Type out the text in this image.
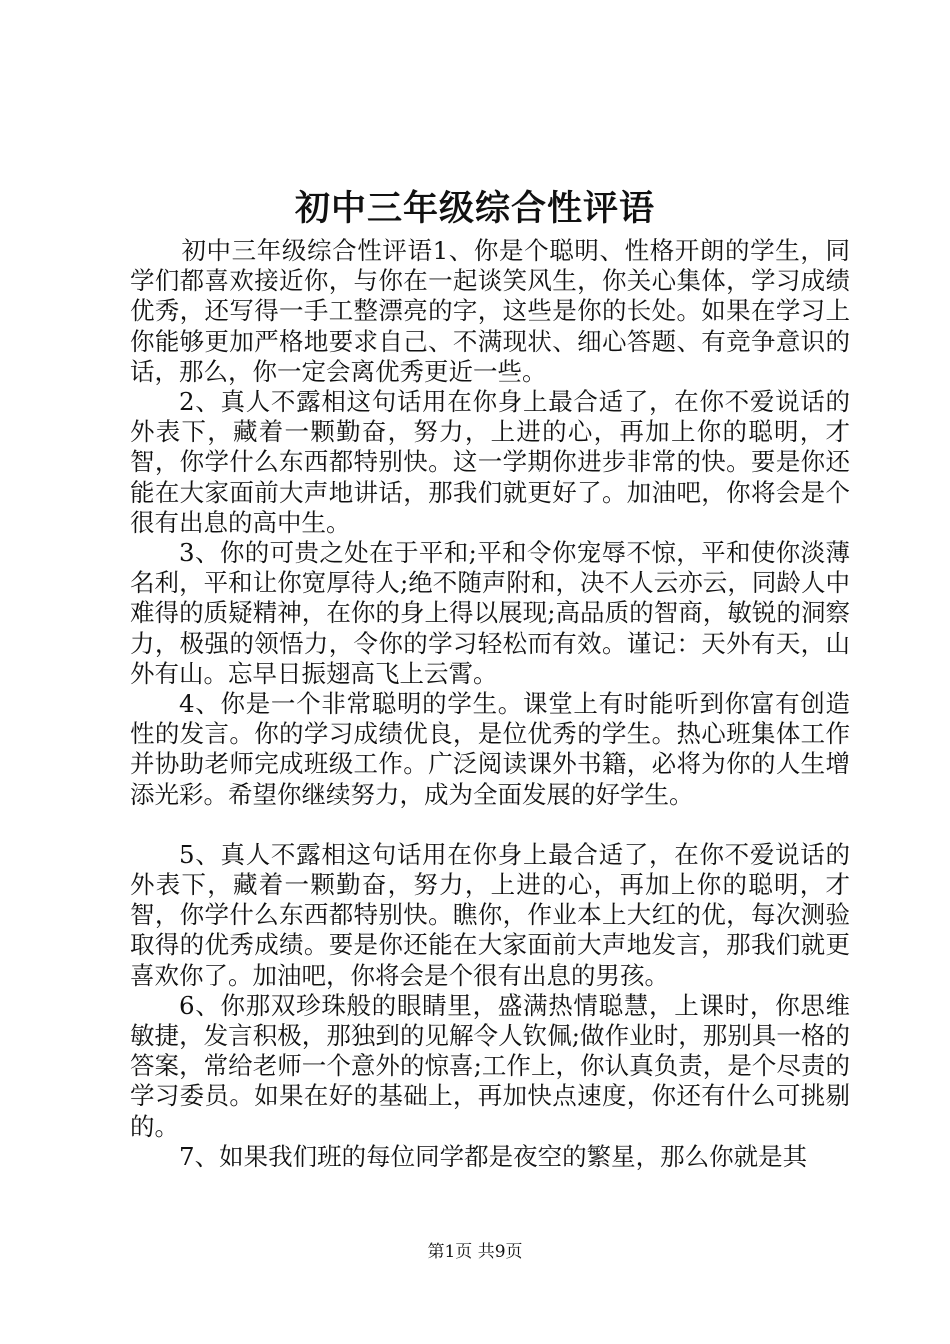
初中三年级综合性评语

初中三年级综合性评语1、你是个聪明、性格开朗的学生，同学们都喜欢接近你，与你在一起谈笑风生，你关心集体，学习成绩优秀，还写得一手工整漂亮的字，这些是你的长处。如果在学习上你能够更加严格地要求自己、不满现状、细心答题、有竞争意识的话，那么，你一定会离优秀更近一些。

2、真人不露相这句话用在你身上最合适了，在你不爱说话的外表下，藏着一颗勤奋，努力，上进的心，再加上你的聪明，才智，你学什么东西都特别快。这一学期你进步非常的快。要是你还能在大家面前大声地讲话，那我们就更好了。加油吧，你将会是个很有出息的高中生。

3、你的可贵之处在于平和;平和令你宠辱不惊，平和使你淡薄名利，平和让你宽厚待人;绝不随声附和，决不人云亦云，同龄人中难得的质疑精神，在你的身上得以展现;高品质的智商，敏锐的洞察力，极强的领悟力，令你的学习轻松而有效。谨记：天外有天，山外有山。忘早日振翅高飞上云霄。

4、你是一个非常聪明的学生。课堂上有时能听到你富有创造性的发言。你的学习成绩优良，是位优秀的学生。热心班集体工作并协助老师完成班级工作。广泛阅读课外书籍，必将为你的人生增添光彩。希望你继续努力，成为全面发展的好学生。

5、真人不露相这句话用在你身上最合适了，在你不爱说话的外表下，藏着一颗勤奋，努力，上进的心，再加上你的聪明，才智，你学什么东西都特别快。瞧你，作业本上大红的优，每次测验取得的优秀成绩。要是你还能在大家面前大声地发言，那我们就更喜欢你了。加油吧，你将会是个很有出息的男孩。

6、你那双珍珠般的眼睛里，盛满热情聪慧，上课时，你思维敏捷，发言积极，那独到的见解令人钦佩;做作业时，那别具一格的答案，常给老师一个意外的惊喜;工作上，你认真负责，是个尽责的学习委员。如果在好的基础上，再加快点速度，你还有什么可挑剔的。

7、如果我们班的每位同学都是夜空的繁星，那么你就是其

第1页 共9页
